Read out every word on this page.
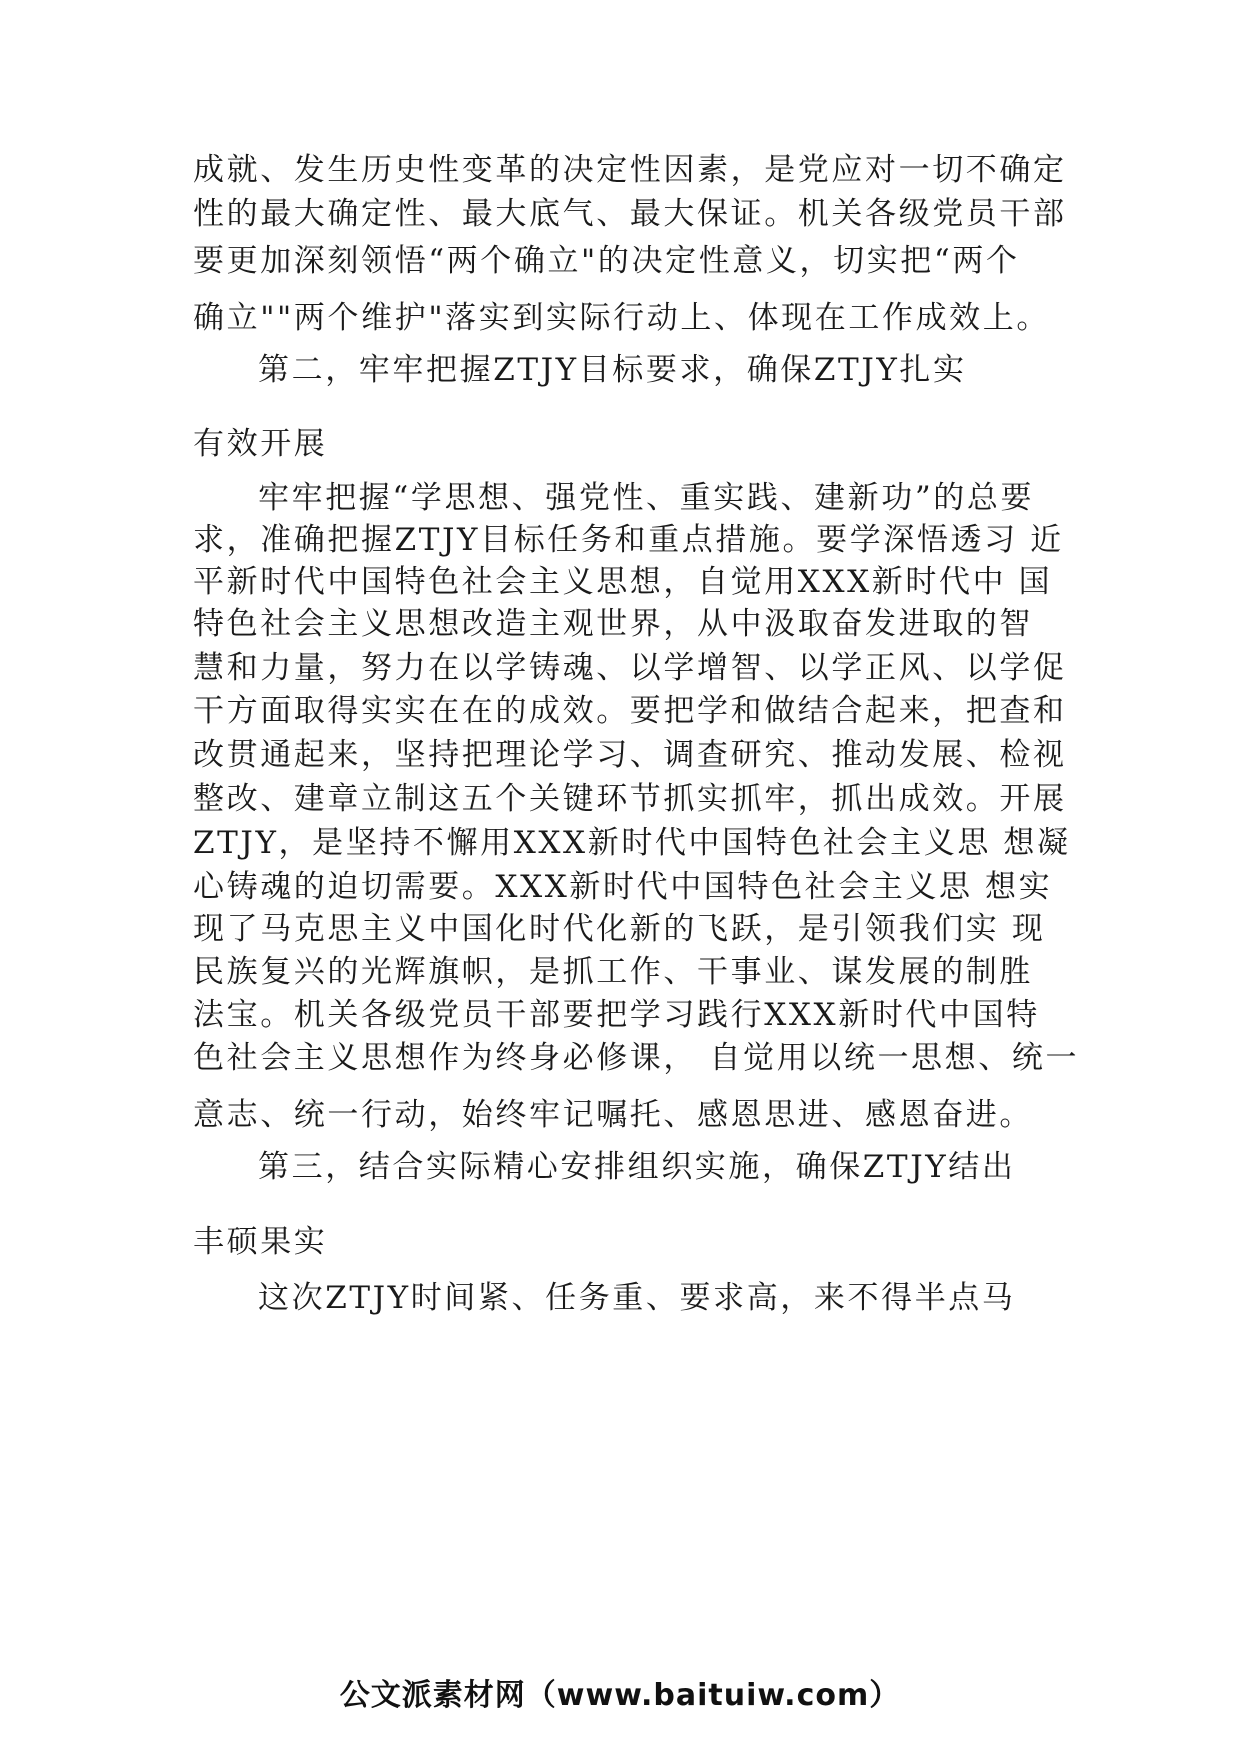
成就、发生历史性变革的决定性因素，是党应对一切不确定
性的最大确定性、最大底气、最大保证。机关各级党员干部
要更加深刻领悟“两个确立"的决定性意义，切实把“两个
确立""两个维护"落实到实际行动上、体现在工作成效上。
第二，牢牢把握ZTJY目标要求，确保ZTJY扎实
有效开展
牢牢把握“学思想、强党性、重实践、建新功”的总要
求，准确把握ZTJY目标任务和重点措施。要学深悟透习 近
平新时代中国特色社会主义思想，自觉用XXX新时代中 国
特色社会主义思想改造主观世界，从中汲取奋发进取的智
慧和力量，努力在以学铸魂、以学增智、以学正风、以学促
干方面取得实实在在的成效。要把学和做结合起来，把查和
改贯通起来，坚持把理论学习、调查研究、推动发展、检视
整改、建章立制这五个关键环节抓实抓牢，抓出成效。开展
ZTJY，是坚持不懈用XXX新时代中国特色社会主义思 想凝
心铸魂的迫切需要。XXX新时代中国特色社会主义思 想实
现了马克思主义中国化时代化新的飞跃，是引领我们实 现
民族复兴的光辉旗帜，是抓工作、干事业、谋发展的制胜
法宝。机关各级党员干部要把学习践行XXX新时代中国特
色社会主义思想作为终身必修课， 自觉用以统一思想、统一
意志、统一行动，始终牢记嘱托、感恩思进、感恩奋进。
第三，结合实际精心安排组织实施，确保ZTJY结出
丰硕果实
这次ZTJY时间紧、任务重、要求高，来不得半点马
公文派素材网（www.baituiw.com）
